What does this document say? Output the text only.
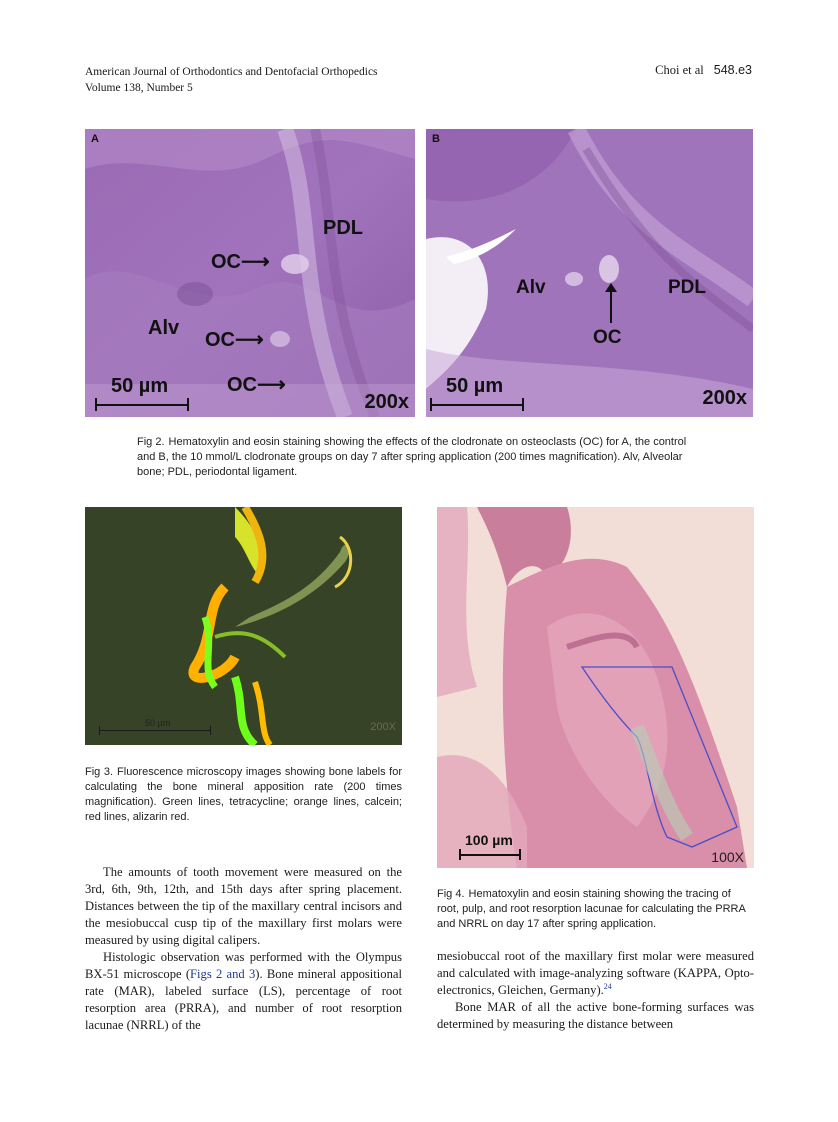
American Journal of Orthodontics and Dentofacial Orthopedics
Volume 138, Number 5
Choi et al 548.e3
A
PDL
OC⟶
Alv
OC⟶
OC⟶
50 µm
200x
B
Alv	PDL
OC
50 µm
200x
Fig 2. Hematoxylin and eosin staining showing the effects of the clodronate on osteoclasts (OC) for A, the control and B, the 10 mmol/L clodronate groups on day 7 after spring application (200 times magnification). Alv, Alveolar bone; PDL, periodontal ligament.
50 µm	200X
Fig 3. Fluorescence microscopy images showing bone labels for calculating the bone mineral apposition rate (200 times magnification). Green lines, tetracycline; orange lines, calcein; red lines, alizarin red.
100 µm
100X
Fig 4. Hematoxylin and eosin staining showing the tracing of root, pulp, and root resorption lacunae for calculating the PRRA and NRRL on day 17 after spring application.

The amounts of tooth movement were measured on the 3rd, 6th, 9th, 12th, and 15th days after spring placement. Distances between the tip of the maxillary central incisors and the mesiobuccal cusp tip of the maxillary first molars were measured by using digital calipers.

Histologic observation was performed with the Olympus BX-51 microscope (Figs 2 and 3). Bone mineral appositional rate (MAR), labeled surface (LS), percentage of root resorption area (PRRA), and number of root resorption lacunae (NRRL) of the

mesiobuccal root of the maxillary first molar were measured and calculated with image-analyzing software (KAPPA, Opto-electronics, Gleichen, Germany).$^{24}$

Bone MAR of all the active bone-forming surfaces was determined by measuring the distance between
